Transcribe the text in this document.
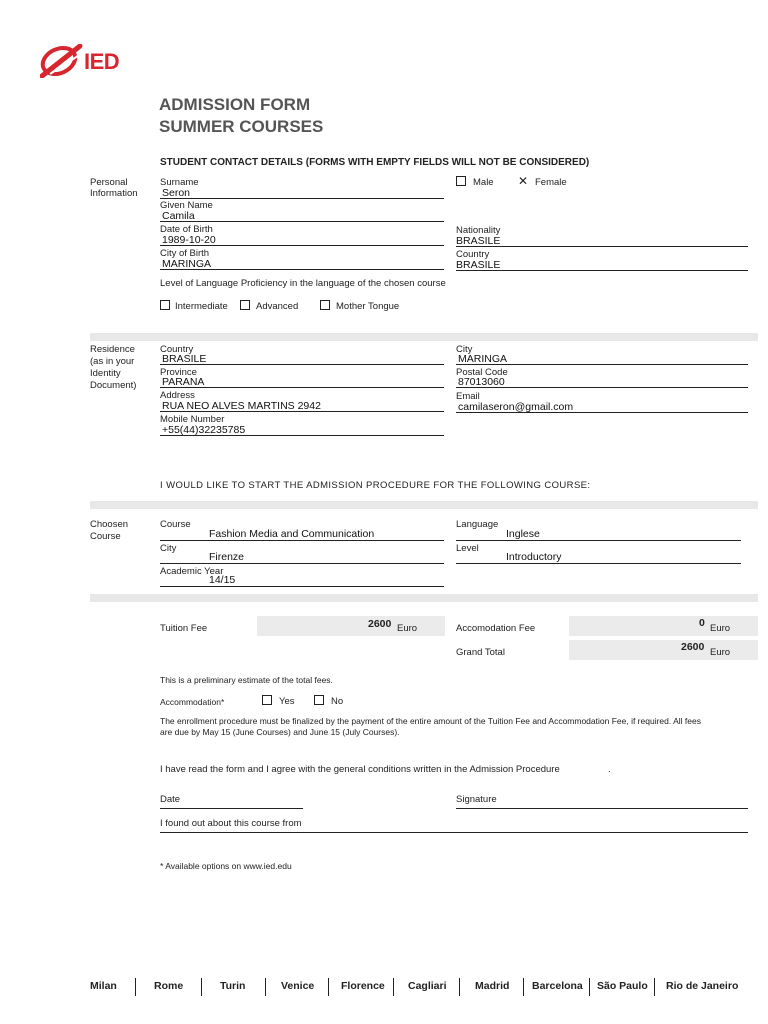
IED
ADMISSION FORM
SUMMER COURSES
STUDENT CONTACT DETAILS (FORMS WITH EMPTY FIELDS WILL NOT BE CONSIDERED)
Personal
Information
Surname
Seron
Given Name
Camila
Date of Birth
1989-10-20
City of Birth
MARINGA
Male ✕ Female
Nationality
BRASILE
Country
BRASILE
Level of Language Proficiency in the language of the chosen course
Intermediate	Advanced	Mother Tongue
Residence
(as in your
Identity
Document)
Country
BRASILE
Province
PARANA
Address
RUA NEO ALVES MARTINS 2942
Mobile Number
+55(44)32235785
City
MARINGA
Postal Code
87013060
Email
camilaseron@gmail.com
I WOULD LIKE TO START THE ADMISSION PROCEDURE FOR THE FOLLOWING COURSE:
Choosen
Course
Course
Fashion Media and Communication
City
Firenze
Academic Year
14/15
Language
Inglese
Level
Introductory
Tuition Fee	2600 Euro	Accomodation Fee	0 Euro
Grand Total	2600 Euro
This is a preliminary estimate of the total fees.
Accommodation*	Yes	No
The enrollment procedure must be finalized by the payment of the entire amount of the Tuition Fee and Accommodation Fee, if required. All fees
are due by May 15 (June Courses) and June 15 (July Courses).
I have read the form and I agree with the general conditions written in the Admission Procedure	.
Date	Signature
I found out about this course from
* Available options on www.ied.edu
Milan	Rome	Turin	Venice	Florence Cagliari	Madrid Barcelona São Paulo Rio de Janeiro
